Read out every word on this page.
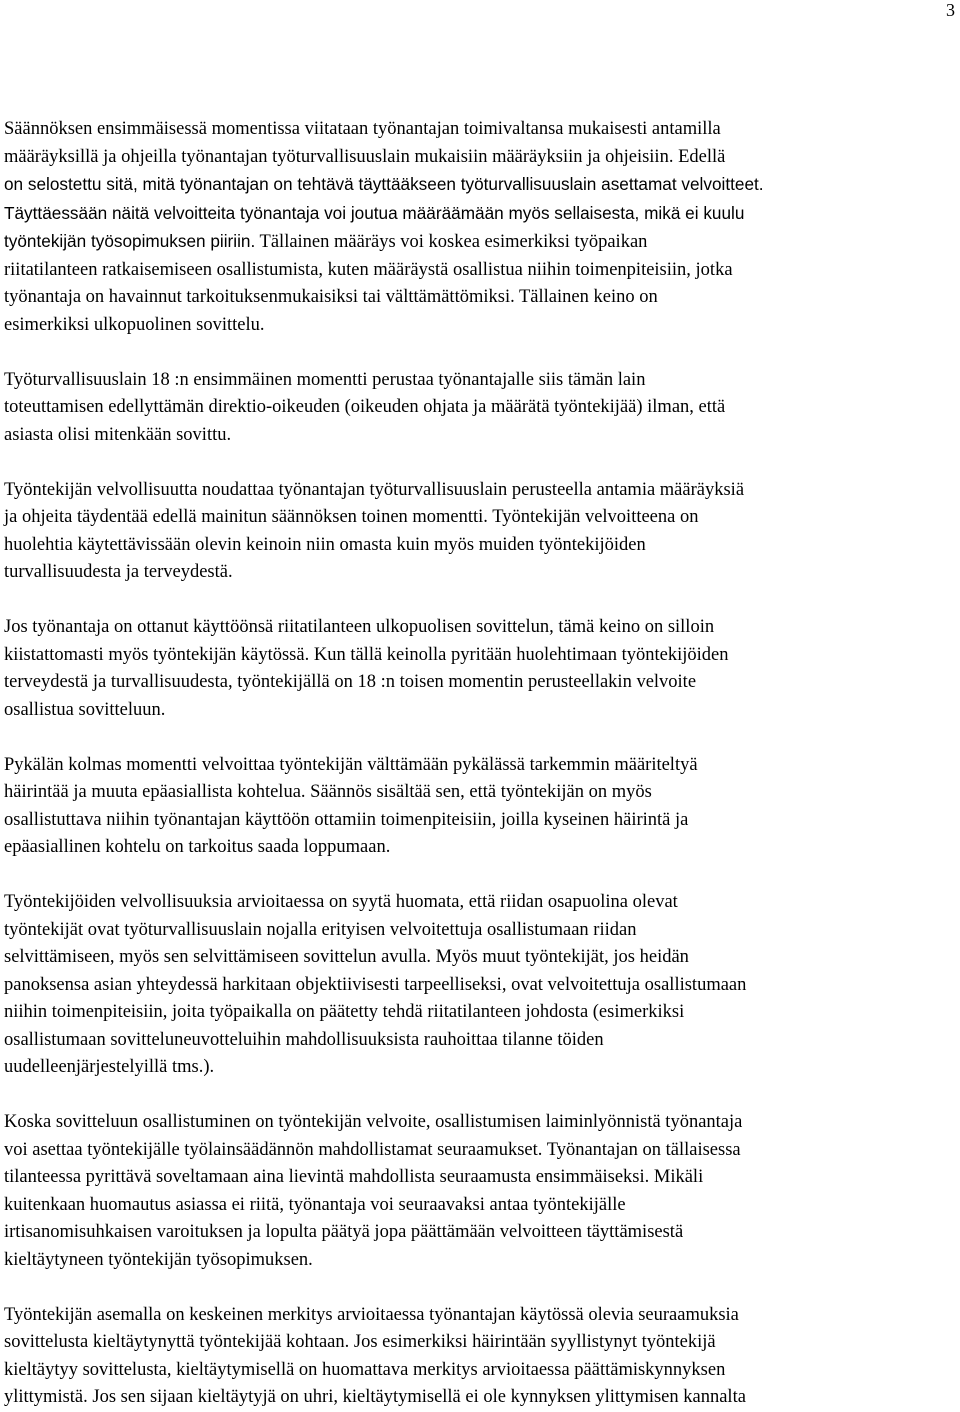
3

Säännöksen ensimmäisessä momentissa viitataan työnantajan toimivaltansa mukaisesti antamilla
määräyksillä ja ohjeilla työnantajan työturvallisuuslain mukaisiin määräyksiin ja ohjeisiin. Edellä
on selostettu sitä, mitä työnantajan on tehtävä täyttääkseen työturvallisuuslain asettamat velvoitteet.
Täyttäessään näitä velvoitteita työnantaja voi joutua määräämään myös sellaisesta, mikä ei kuulu
työntekijän työsopimuksen piiriin. Tällainen määräys voi koskea esimerkiksi työpaikan
riitatilanteen ratkaisemiseen osallistumista, kuten määräystä osallistua niihin toimenpiteisiin, jotka
työnantaja on havainnut tarkoituksenmukaisiksi tai välttämättömiksi. Tällainen keino on
esimerkiksi ulkopuolinen sovittelu.

Työturvallisuuslain 18 :n ensimmäinen momentti perustaa työnantajalle siis tämän lain
toteuttamisen edellyttämän direktio-oikeuden (oikeuden ohjata ja määrätä työntekijää) ilman, että
asiasta olisi mitenkään sovittu.

Työntekijän velvollisuutta noudattaa työnantajan työturvallisuuslain perusteella antamia määräyksiä
ja ohjeita täydentää edellä mainitun säännöksen toinen momentti. Työntekijän velvoitteena on
huolehtia käytettävissään olevin keinoin niin omasta kuin myös muiden työntekijöiden
turvallisuudesta ja terveydestä.

Jos työnantaja on ottanut käyttöönsä riitatilanteen ulkopuolisen sovittelun, tämä keino on silloin
kiistattomasti myös työntekijän käytössä. Kun tällä keinolla pyritään huolehtimaan työntekijöiden
terveydestä ja turvallisuudesta, työntekijällä on 18 :n toisen momentin perusteellakin velvoite
osallistua sovitteluun.

Pykälän kolmas momentti velvoittaa työntekijän välttämään pykälässä tarkemmin määriteltyä
häirintää ja muuta epäasiallista kohtelua. Säännös sisältää sen, että työntekijän on myös
osallistuttava niihin työnantajan käyttöön ottamiin toimenpiteisiin, joilla kyseinen häirintä ja
epäasiallinen kohtelu on tarkoitus saada loppumaan.

Työntekijöiden velvollisuuksia arvioitaessa on syytä huomata, että riidan osapuolina olevat
työntekijät ovat työturvallisuuslain nojalla erityisen velvoitettuja osallistumaan riidan
selvittämiseen, myös sen selvittämiseen sovittelun avulla. Myös muut työntekijät, jos heidän
panoksensa asian yhteydessä harkitaan objektiivisesti tarpeelliseksi, ovat velvoitettuja osallistumaan
niihin toimenpiteisiin, joita työpaikalla on päätetty tehdä riitatilanteen johdosta (esimerkiksi
osallistumaan sovitteluneuvotteluihin mahdollisuuksista rauhoittaa tilanne töiden
uudelleenjärjestelyillä tms.).

Koska sovitteluun osallistuminen on työntekijän velvoite, osallistumisen laiminlyönnistä työnantaja
voi asettaa työntekijälle työlainsäädännön mahdollistamat seuraamukset. Työnantajan on tällaisessa
tilanteessa pyrittävä soveltamaan aina lievintä mahdollista seuraamusta ensimmäiseksi. Mikäli
kuitenkaan huomautus asiassa ei riitä, työnantaja voi seuraavaksi antaa työntekijälle
irtisanomisuhkaisen varoituksen ja lopulta päätyä jopa päättämään velvoitteen täyttämisestä
kieltäytyneen työntekijän työsopimuksen.

Työntekijän asemalla on keskeinen merkitys arvioitaessa työnantajan käytössä olevia seuraamuksia
sovittelusta kieltäytynyttä työntekijää kohtaan. Jos esimerkiksi häirintään syyllistynyt työntekijä
kieltäytyy sovittelusta, kieltäytymisellä on huomattava merkitys arvioitaessa päättämiskynnyksen
ylittymistä. Jos sen sijaan kieltäytyjä on uhri, kieltäytymisellä ei ole kynnyksen ylittymisen kannalta
